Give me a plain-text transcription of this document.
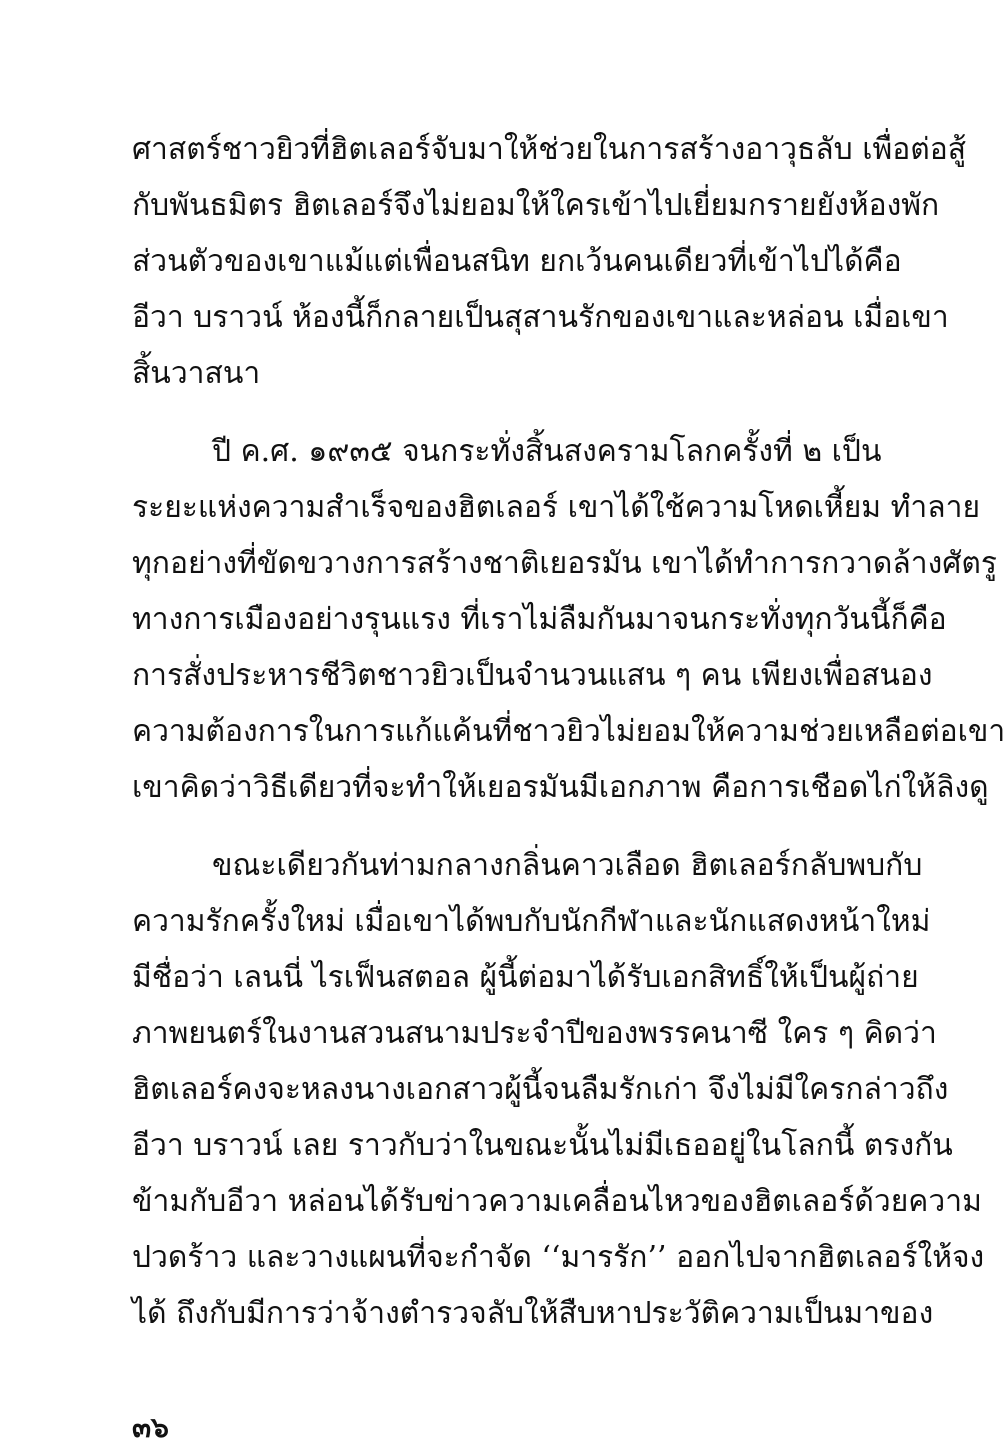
ศาสตร์ชาวยิวที่ฮิตเลอร์จับมาให้ช่วยในการสร้างอาวุธลับ เพื่อต่อสู้
กับพันธมิตร ฮิตเลอร์จึงไม่ยอมให้ใครเข้าไปเยี่ยมกรายยังห้องพัก
ส่วนตัวของเขาแม้แต่เพื่อนสนิท ยกเว้นคนเดียวที่เข้าไปได้คือ
อีวา บราวน์ ห้องนี้ก็กลายเป็นสุสานรักของเขาและหล่อน เมื่อเขา
สิ้นวาสนา
ปี ค.ศ. ๑๙๓๕ จนกระทั่งสิ้นสงครามโลกครั้งที่ ๒ เป็น
ระยะแห่งความสำเร็จของฮิตเลอร์ เขาได้ใช้ความโหดเหี้ยม ทำลาย
ทุกอย่างที่ขัดขวางการสร้างชาติเยอรมัน เขาได้ทำการกวาดล้างศัตรู
ทางการเมืองอย่างรุนแรง ที่เราไม่ลืมกันมาจนกระทั่งทุกวันนี้ก็คือ
การสั่งประหารชีวิตชาวยิวเป็นจำนวนแสน ๆ คน เพียงเพื่อสนอง
ความต้องการในการแก้แค้นที่ชาวยิวไม่ยอมให้ความช่วยเหลือต่อเขา
เขาคิดว่าวิธีเดียวที่จะทำให้เยอรมันมีเอกภาพ คือการเชือดไก่ให้ลิงดู
ขณะเดียวกันท่ามกลางกลิ่นคาวเลือด ฮิตเลอร์กลับพบกับ
ความรักครั้งใหม่ เมื่อเขาได้พบกับนักกีฬาและนักแสดงหน้าใหม่
มีชื่อว่า เลนนี่ ไรเฟ็นสตอล ผู้นี้ต่อมาได้รับเอกสิทธิ์ให้เป็นผู้ถ่าย
ภาพยนตร์ในงานสวนสนามประจำปีของพรรคนาซี ใคร ๆ คิดว่า
ฮิตเลอร์คงจะหลงนางเอกสาวผู้นี้จนลืมรักเก่า จึงไม่มีใครกล่าวถึง
อีวา บราวน์ เลย ราวกับว่าในขณะนั้นไม่มีเธออยู่ในโลกนี้ ตรงกัน
ข้ามกับอีวา หล่อนได้รับข่าวความเคลื่อนไหวของฮิตเลอร์ด้วยความ
ปวดร้าว และวางแผนที่จะกำจัด ‘‘มารรัก’’ ออกไปจากฮิตเลอร์ให้จง
ได้ ถึงกับมีการว่าจ้างตำรวจลับให้สืบหาประวัติความเป็นมาของ
๓๖
